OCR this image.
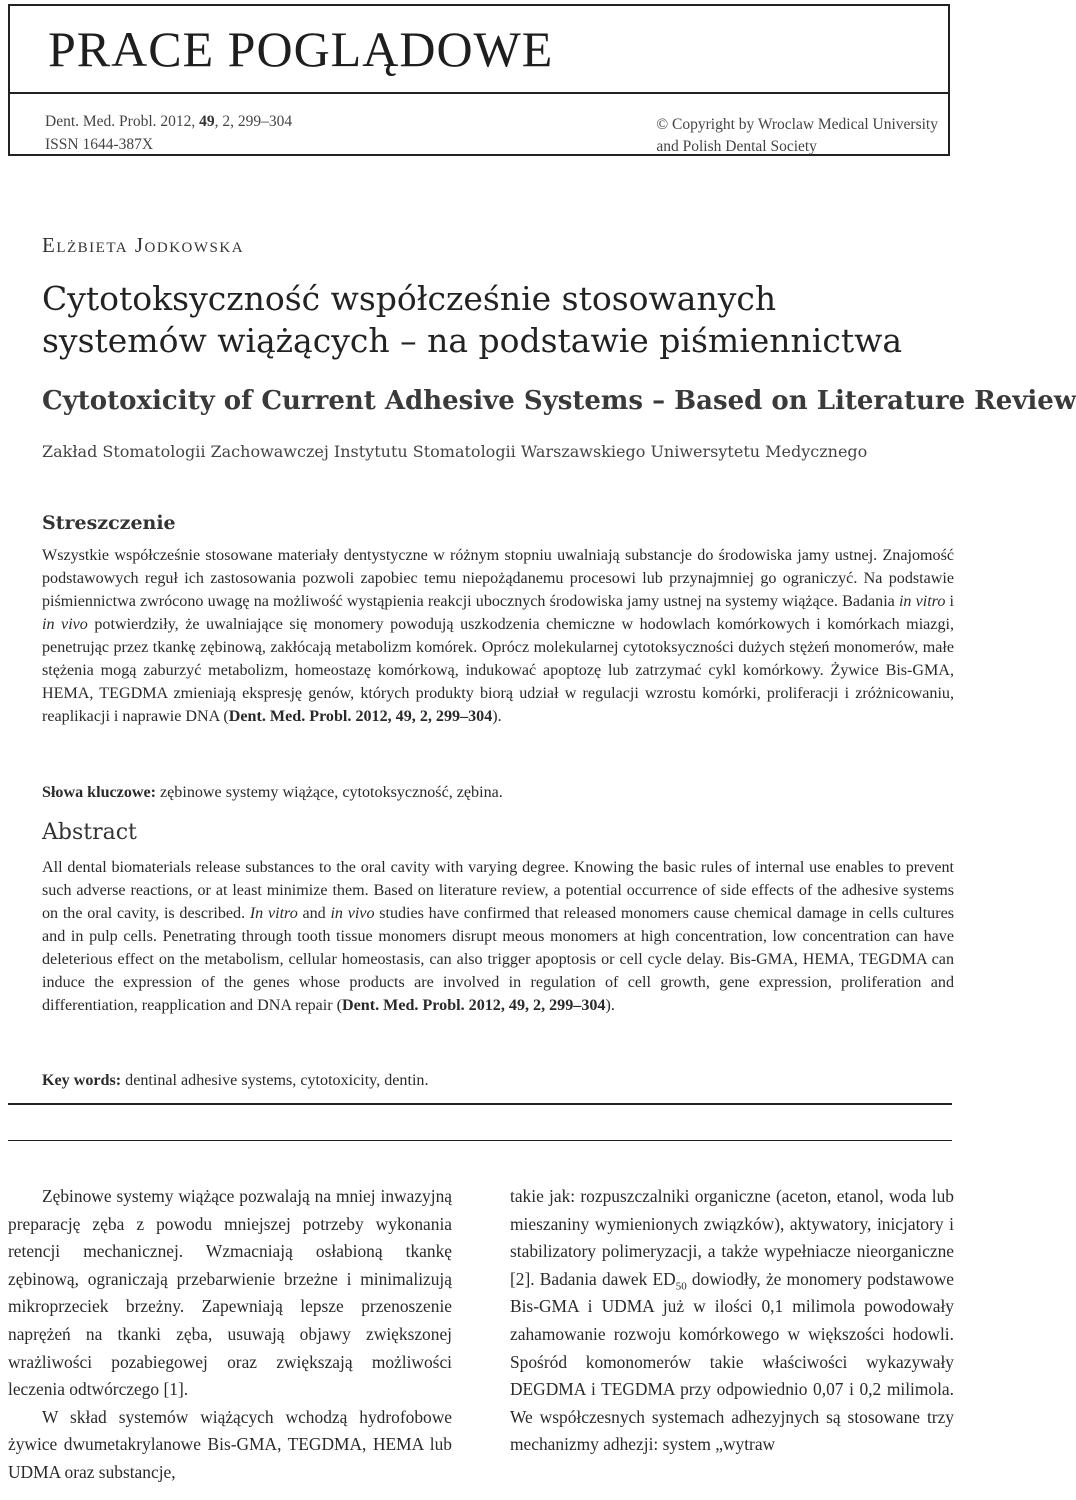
PRACE POGLĄDOWE
Dent. Med. Probl. 2012, 49, 2, 299–304
ISSN 1644-387X
© Copyright by Wroclaw Medical University
and Polish Dental Society
Elżbieta Jodkowska
Cytotoksyczność współcześnie stosowanych
systemów wiążących – na podstawie piśmiennictwa
Cytotoxicity of Current Adhesive Systems – Based on Literature Review
Zakład Stomatologii Zachowawczej Instytutu Stomatologii Warszawskiego Uniwersytetu Medycznego
Streszczenie

Wszystkie współcześnie stosowane materiały dentystyczne w różnym stopniu uwalniają substancje do środowiska jamy ustnej. Znajomość podstawowych reguł ich zastosowania pozwoli zapobiec temu niepożądanemu procesowi lub przynajmniej go ograniczyć. Na podstawie piśmiennictwa zwrócono uwagę na możliwość wystąpienia reakcji ubocznych środowiska jamy ustnej na systemy wiążące. Badania in vitro i in vivo potwierdziły, że uwalniające się monomery powodują uszkodzenia chemiczne w hodowlach komórkowych i komórkach miazgi, penetrując przez tkankę zębinową, zakłócają metabolizm komórek. Oprócz molekularnej cytotoksyczności dużych stężeń monomerów, małe stężenia mogą zaburzyć metabolizm, homeostazę komórkową, indukować apoptozę lub zatrzymać cykl komórkowy. Żywice Bis-GMA, HEMA, TEGDMA zmieniają ekspresję genów, których produkty biorą udział w regulacji wzrostu komórki, proliferacji i zróżnicowaniu, reaplikacji i naprawie DNA (Dent. Med. Probl. 2012, 49, 2, 299–304).

Słowa kluczowe: zębinowe systemy wiążące, cytotoksyczność, zębina.
Abstract

All dental biomaterials release substances to the oral cavity with varying degree. Knowing the basic rules of internal use enables to prevent such adverse reactions, or at least minimize them. Based on literature review, a potential occurrence of side effects of the adhesive systems on the oral cavity, is described. In vitro and in vivo studies have confirmed that released monomers cause chemical damage in cells cultures and in pulp cells. Penetrating through tooth tissue monomers disrupt meous monomers at high concentration, low concentration can have deleterious effect on the metabolism, cellular homeostasis, can also trigger apoptosis or cell cycle delay. Bis-GMA, HEMA, TEGDMA can induce the expression of the genes whose products are involved in regulation of cell growth, gene expression, proliferation and differentiation, reapplication and DNA repair (Dent. Med. Probl. 2012, 49, 2, 299–304).

Key words: dentinal adhesive systems, cytotoxicity, dentin.

Zębinowe systemy wiążące pozwalają na mniej inwazyjną preparację zęba z powodu mniejszej potrzeby wykonania retencji mechanicznej. Wzmacniają osłabioną tkankę zębinową, ograniczają przebarwienie brzeżne i minimalizują mikroprzeciek brzeżny. Zapewniają lepsze przenoszenie naprężeń na tkanki zęba, usuwają objawy zwiększonej wrażliwości pozabiegowej oraz zwiększają możliwości leczenia odtwórczego [1].

W skład systemów wiążących wchodzą hydrofobowe żywice dwumetakrylanowe Bis-GMA, TEGDMA, HEMA lub UDMA oraz substancje,

takie jak: rozpuszczalniki organiczne (aceton, etanol, woda lub mieszaniny wymienionych związków), aktywatory, inicjatory i stabilizatory polimeryzacji, a także wypełniacze nieorganiczne [2]. Badania dawek $ED_{50}$ dowiodły, że monomery podstawowe Bis-GMA i UDMA już w ilości 0,1 milimola powodowały zahamowanie rozwoju komórkowego w większości hodowli. Spośród komonomerów takie właściwości wykazywały DEGDMA i TEGDMA przy odpowiednio 0,07 i 0,2 milimola. We współczesnych systemach adhezyjnych są stosowane trzy mechanizmy adhezji: system „wytraw
